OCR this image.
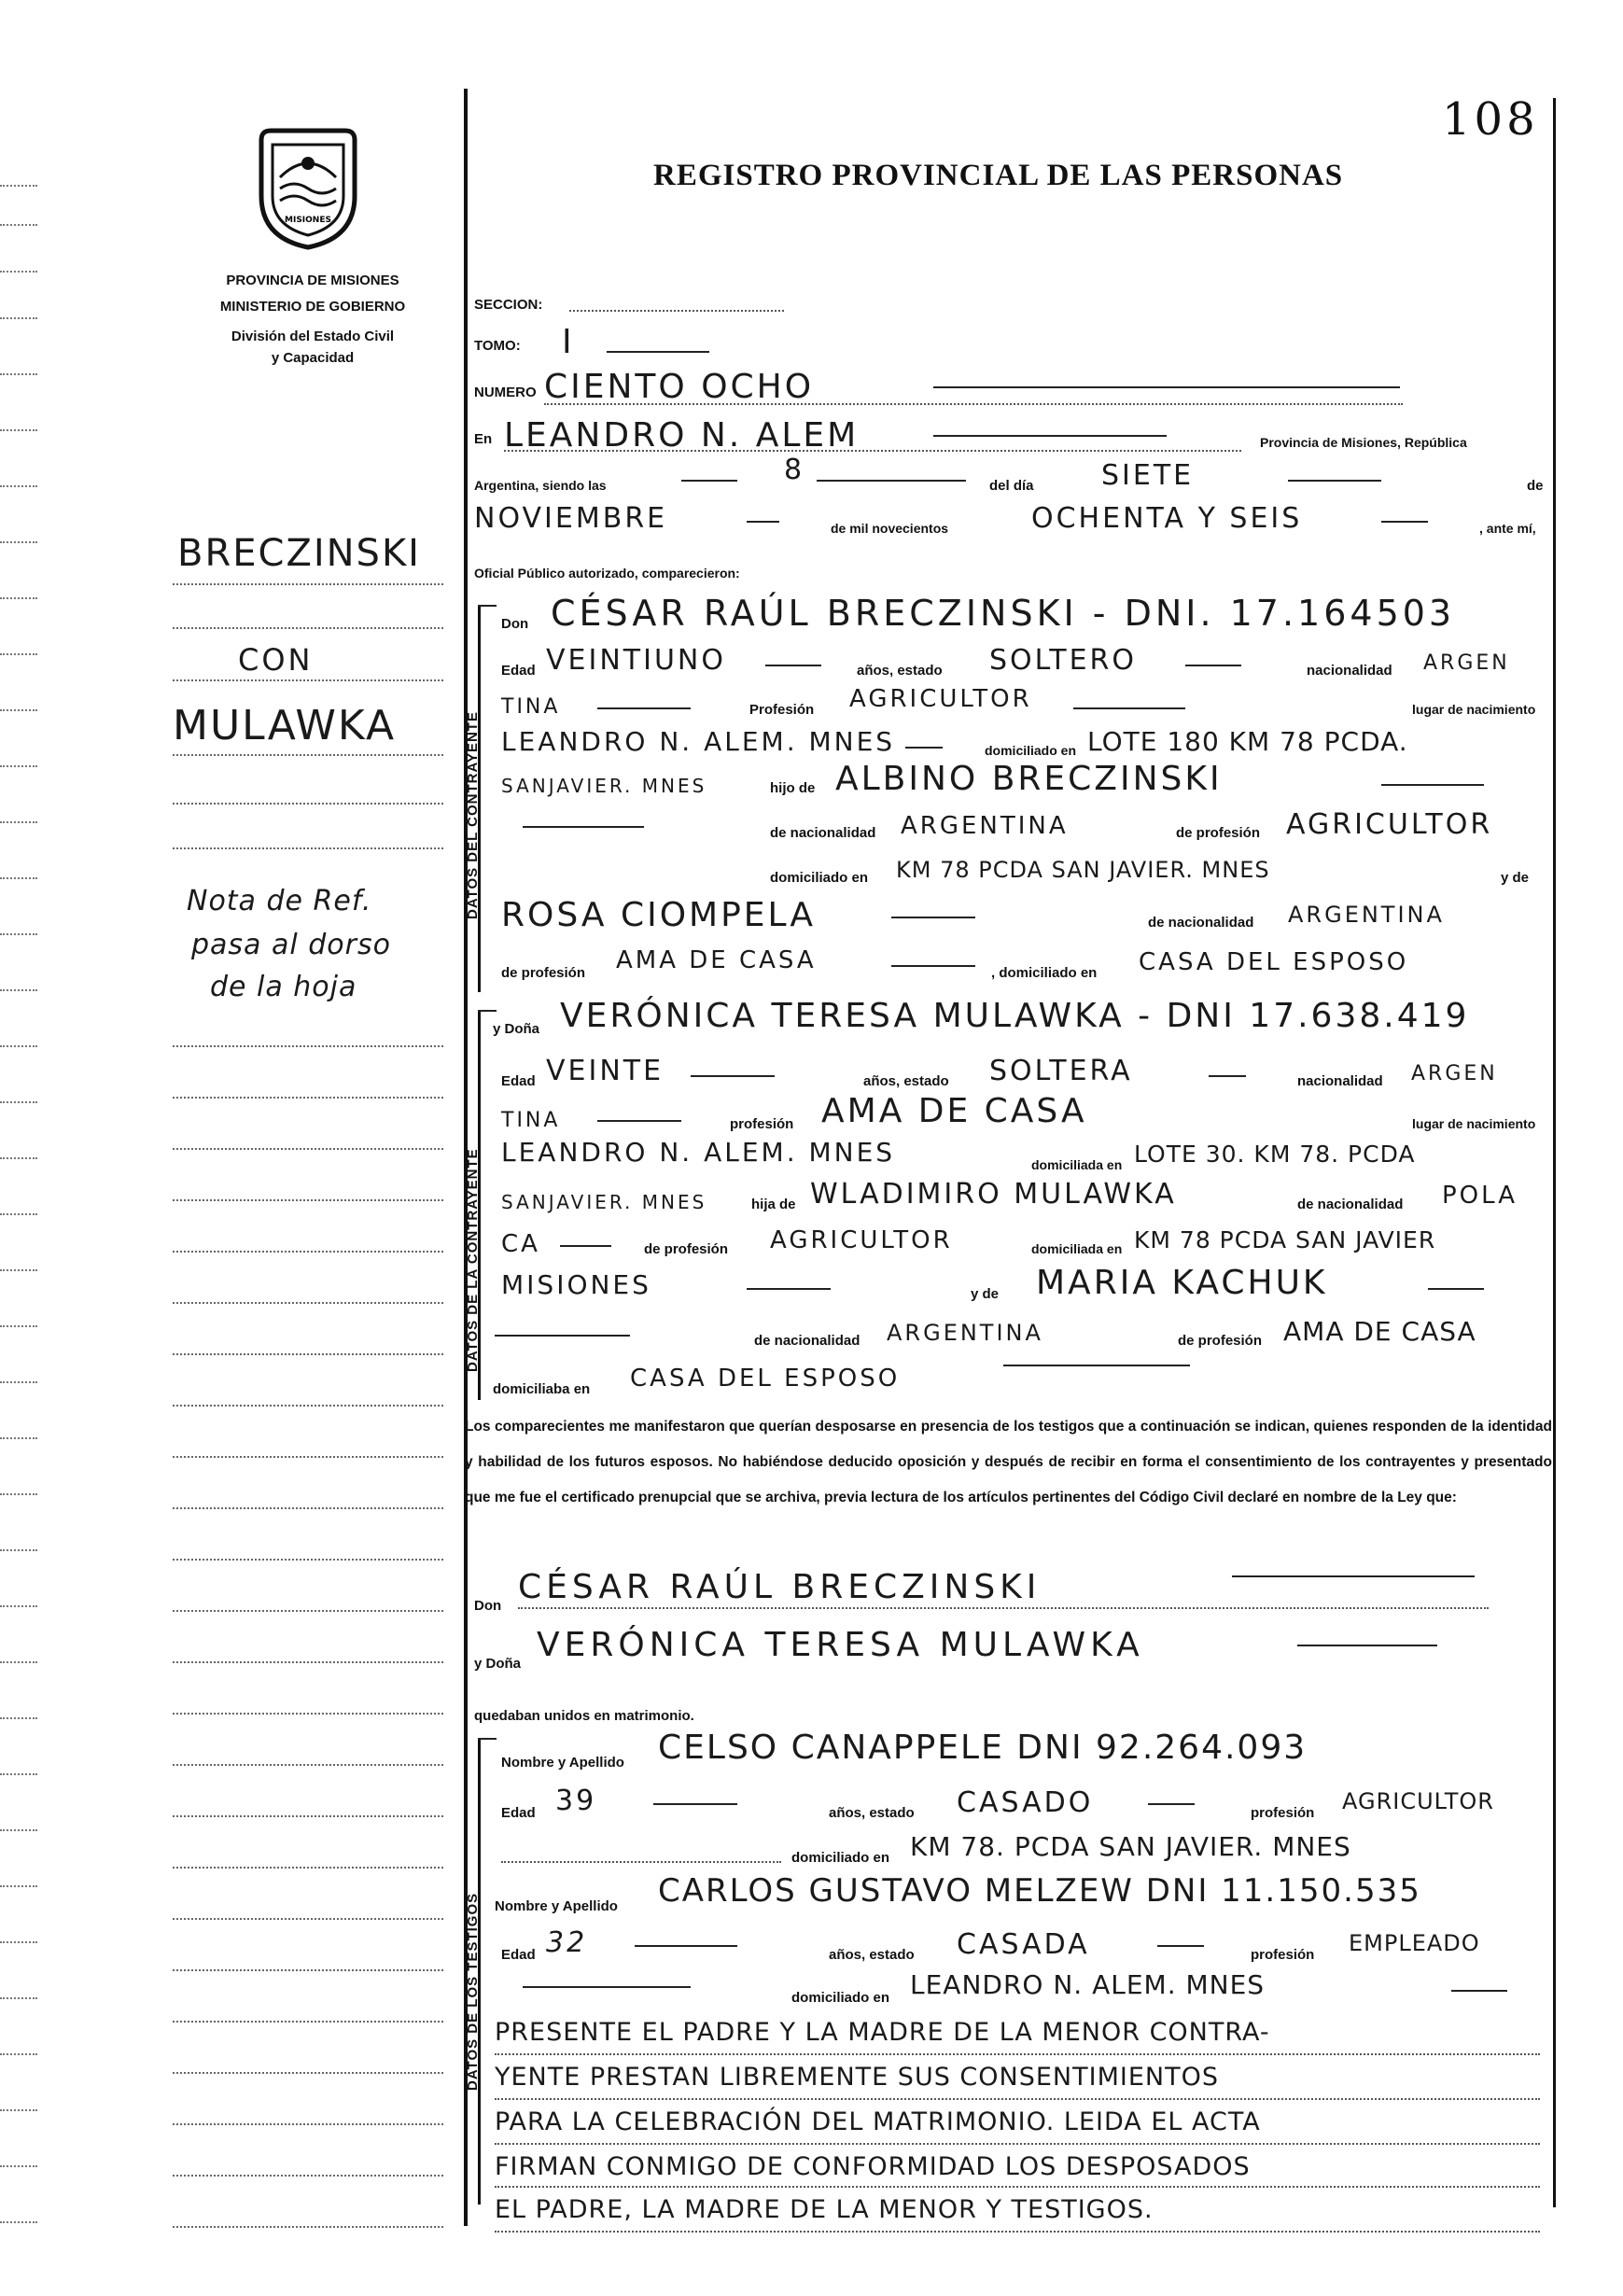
MISIONES
PROVINCIA DE MISIONES
MINISTERIO DE GOBIERNO
División del Estado Civil
y Capacidad
108
REGISTRO PROVINCIAL DE LAS PERSONAS
BRECZINSKI
CON
MULAWKA
Nota de Ref.
pasa al dorso
de la hoja
SECCION:
TOMO: I
NUMERO CIENTO OCHO
En LEANDRO N. ALEM	Provincia de Misiones, República
Argentina, siendo las	8	del día SIETE	de
NOVIEMBRE	de mil novecientos	OCHENTA Y SEIS	, ante mí,
Oficial Público autorizado, comparecieron:
DATOS DEL CONTRAYENTE
Don CÉSAR RAÚL BRECZINSKI - DNI. 17.164503
Edad VEINTIUNO	años, estado SOLTERO	nacionalidad ARGEN
TINA	Profesión AGRICULTOR	lugar de nacimiento
LEANDRO N. ALEM. MNES	domiciliado en LOTE 180 KM 78 PCDA.
SANJAVIER. MNES	hijo de ALBINO BRECZINSKI
de nacionalidad ARGENTINA	de profesión AGRICULTOR
domiciliado en KM 78 PCDA SAN JAVIER. MNES	y de
ROSA CIOMPELA	de nacionalidad ARGENTINA
de profesión AMA DE CASA	, domiciliado en CASA DEL ESPOSO
DATOS DE LA CONTRAYENTE
y Doña VERÓNICA TERESA MULAWKA - DNI 17.638.419
Edad VEINTE	años, estado SOLTERA	nacionalidad ARGEN
TINA	profesión AMA DE CASA	lugar de nacimiento
LEANDRO N. ALEM. MNES	domiciliada en LOTE 30. KM 78. PCDA
SANJAVIER. MNES	hija de WLADIMIRO MULAWKA	de nacionalidad POLA
CA	de profesión AGRICULTOR	domiciliada en KM 78 PCDA SAN JAVIER
MISIONES	y de MARIA KACHUK
de nacionalidad ARGENTINA	de profesión AMA DE CASA
domiciliaba en CASA DEL ESPOSO
Los comparecientes me manifestaron que querían desposarse en presencia de los testigos que a continuación se indican, quienes responden de la identidad y habilidad de los futuros esposos. No habiéndose deducido oposición y después de recibir en forma el consentimiento de los contrayentes y presentado que me fue el certificado prenupcial que se archiva, previa lectura de los artículos pertinentes del Código Civil declaré en nombre de la Ley que:
Don CÉSAR RAÚL BRECZINSKI
y Doña VERÓNICA TERESA MULAWKA
quedaban unidos en matrimonio.
DATOS DE LOS TESTIGOS
Nombre y Apellido CELSO CANAPPELE DNI 92.264.093
Edad 39	años, estado CASADO	profesión AGRICULTOR
domiciliado en KM 78. PCDA SAN JAVIER. MNES
Nombre y Apellido CARLOS GUSTAVO MELZEW DNI 11.150.535
Edad 32	años, estado CASADA	profesión EMPLEADO
domiciliado en LEANDRO N. ALEM. MNES
PRESENTE EL PADRE Y LA MADRE DE LA MENOR CONTRA-
YENTE PRESTAN LIBREMENTE SUS CONSENTIMIENTOS
PARA LA CELEBRACIÓN DEL MATRIMONIO. LEIDA EL ACTA
FIRMAN CONMIGO DE CONFORMIDAD LOS DESPOSADOS
EL PADRE, LA MADRE DE LA MENOR Y TESTIGOS.
